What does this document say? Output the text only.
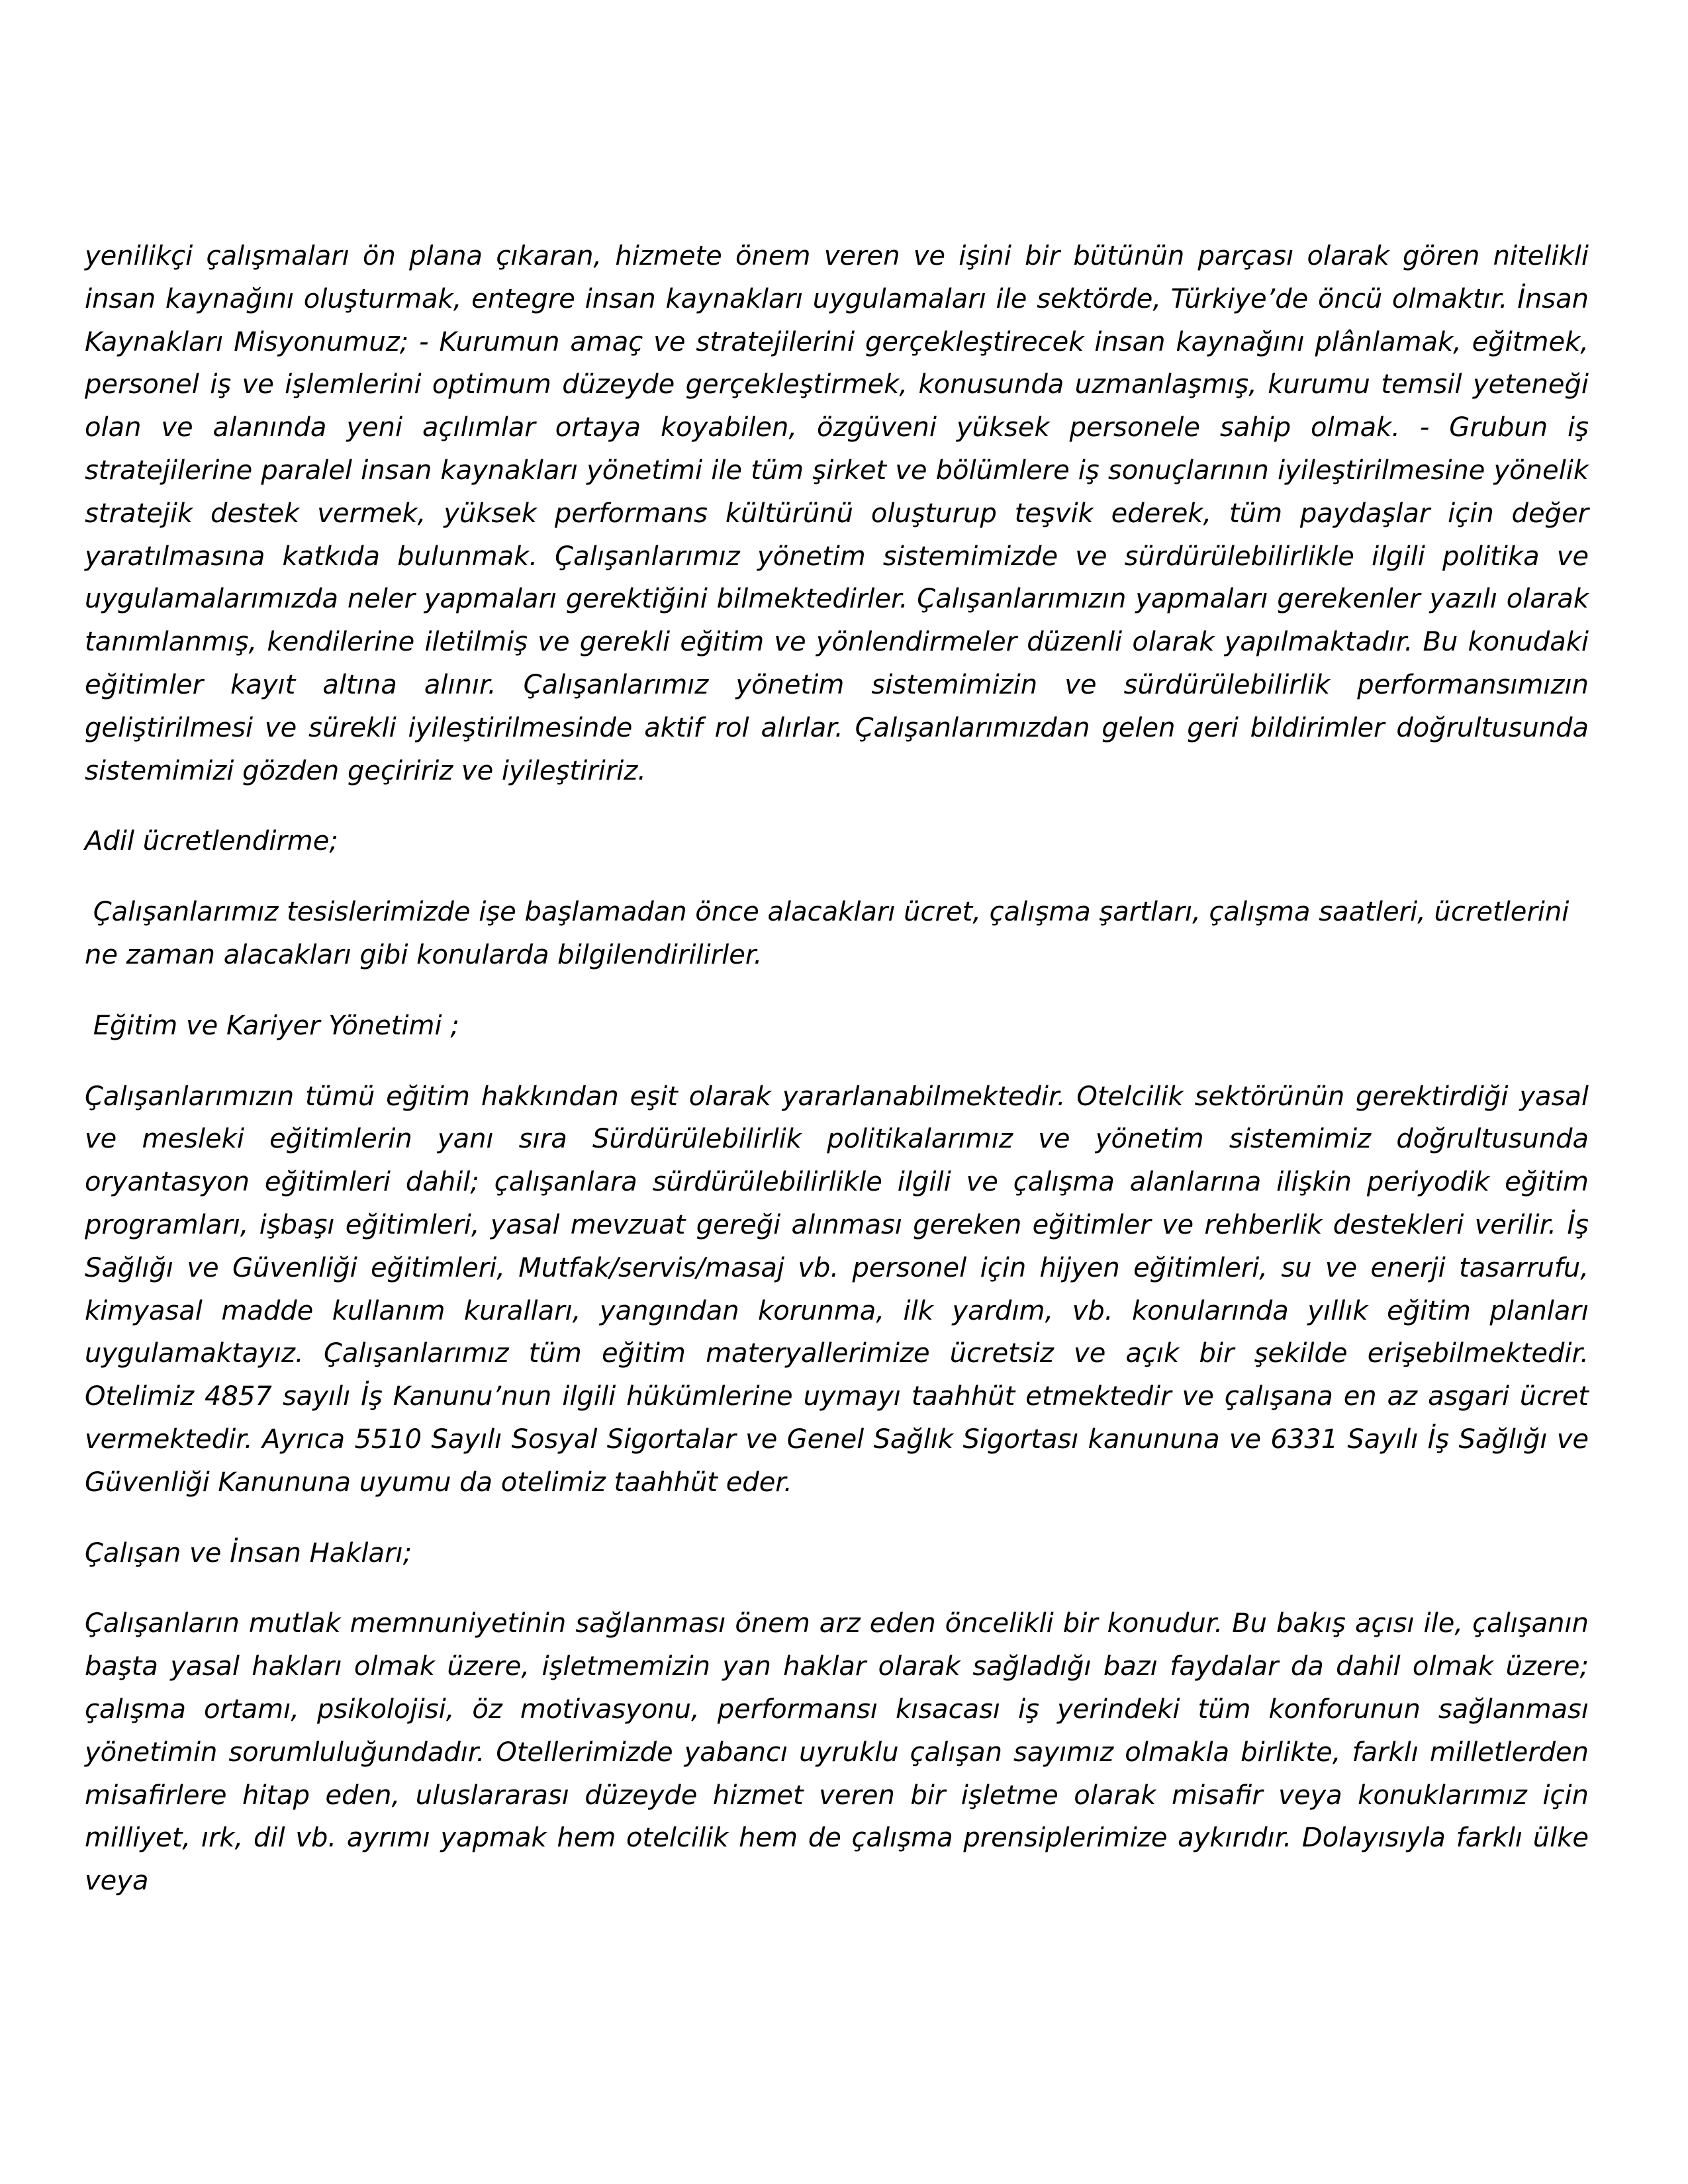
yenilikçi çalışmaları ön plana çıkaran, hizmete önem veren ve işini bir bütünün parçası olarak gören nitelikli insan kaynağını oluşturmak, entegre insan kaynakları uygulamaları ile sektörde, Türkiye’de öncü olmaktır. İnsan Kaynakları Misyonumuz; - Kurumun amaç ve stratejilerini gerçekleştirecek insan kaynağını plânlamak, eğitmek, personel iş ve işlemlerini optimum düzeyde gerçekleştirmek, konusunda uzmanlaşmış, kurumu temsil yeteneği olan ve alanında yeni açılımlar ortaya koyabilen, özgüveni yüksek personele sahip olmak. - Grubun iş stratejilerine paralel insan kaynakları yönetimi ile tüm şirket ve bölümlere iş sonuçlarının iyileştirilmesine yönelik stratejik destek vermek, yüksek performans kültürünü oluşturup teşvik ederek, tüm paydaşlar için değer yaratılmasına katkıda bulunmak. Çalışanlarımız yönetim sistemimizde ve sürdürülebilirlikle ilgili politika ve uygulamalarımızda neler yapmaları gerektiğini bilmektedirler. Çalışanlarımızın yapmaları gerekenler yazılı olarak tanımlanmış, kendilerine iletilmiş ve gerekli eğitim ve yönlendirmeler düzenli olarak yapılmaktadır. Bu konudaki eğitimler kayıt altına alınır. Çalışanlarımız yönetim sistemimizin ve sürdürülebilirlik performansımızın geliştirilmesi ve sürekli iyileştirilmesinde aktif rol alırlar. Çalışanlarımızdan gelen geri bildirimler doğrultusunda sistemimizi gözden geçiririz ve iyileştiririz.

Adil ücretlendirme;

Çalışanlarımız tesislerimizde işe başlamadan önce alacakları ücret, çalışma şartları, çalışma saatleri, ücretlerini ne zaman alacakları gibi konularda bilgilendirilirler.

Eğitim ve Kariyer Yönetimi ;

Çalışanlarımızın tümü eğitim hakkından eşit olarak yararlanabilmektedir. Otelcilik sektörünün gerektirdiği yasal ve mesleki eğitimlerin yanı sıra Sürdürülebilirlik politikalarımız ve yönetim sistemimiz doğrultusunda oryantasyon eğitimleri dahil; çalışanlara sürdürülebilirlikle ilgili ve çalışma alanlarına ilişkin periyodik eğitim programları, işbaşı eğitimleri, yasal mevzuat gereği alınması gereken eğitimler ve rehberlik destekleri verilir. İş Sağlığı ve Güvenliği eğitimleri, Mutfak/servis/masaj vb. personel için hijyen eğitimleri, su ve enerji tasarrufu, kimyasal madde kullanım kuralları, yangından korunma, ilk yardım, vb. konularında yıllık eğitim planları uygulamaktayız. Çalışanlarımız tüm eğitim materyallerimize ücretsiz ve açık bir şekilde erişebilmektedir. Otelimiz 4857 sayılı İş Kanunu’nun ilgili hükümlerine uymayı taahhüt etmektedir ve çalışana en az asgari ücret vermektedir. Ayrıca 5510 Sayılı Sosyal Sigortalar ve Genel Sağlık Sigortası kanununa ve 6331 Sayılı İş Sağlığı ve Güvenliği Kanununa uyumu da otelimiz taahhüt eder.

Çalışan ve İnsan Hakları;

Çalışanların mutlak memnuniyetinin sağlanması önem arz eden öncelikli bir konudur. Bu bakış açısı ile, çalışanın başta yasal hakları olmak üzere, işletmemizin yan haklar olarak sağladığı bazı faydalar da dahil olmak üzere; çalışma ortamı, psikolojisi, öz motivasyonu, performansı kısacası iş yerindeki tüm konforunun sağlanması yönetimin sorumluluğundadır. Otellerimizde yabancı uyruklu çalışan sayımız olmakla birlikte, farklı milletlerden misafirlere hitap eden, uluslararası düzeyde hizmet veren bir işletme olarak misafir veya konuklarımız için milliyet, ırk, dil vb. ayrımı yapmak hem otelcilik hem de çalışma prensiplerimize aykırıdır. Dolayısıyla farklı ülke veya
